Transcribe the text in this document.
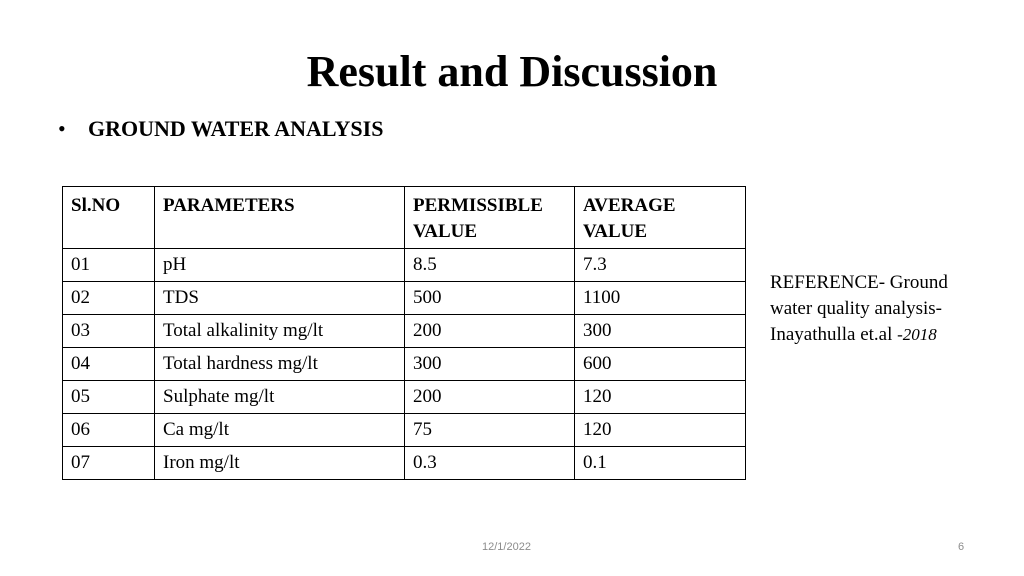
Result and Discussion
• GROUND WATER ANALYSIS
Sl.NO	PARAMETERS	PERMISSIBLE VALUE	AVERAGE VALUE
01	pH	8.5	7.3
02	TDS	500	1100
03	Total alkalinity mg/lt	200	300
04	Total hardness mg/lt	300	600
05	Sulphate mg/lt	200	120
06	Ca mg/lt	75	120
07	Iron mg/lt	0.3	0.1
REFERENCE- Ground water quality analysis- Inayathulla et.al -2018
12/1/2022	6
